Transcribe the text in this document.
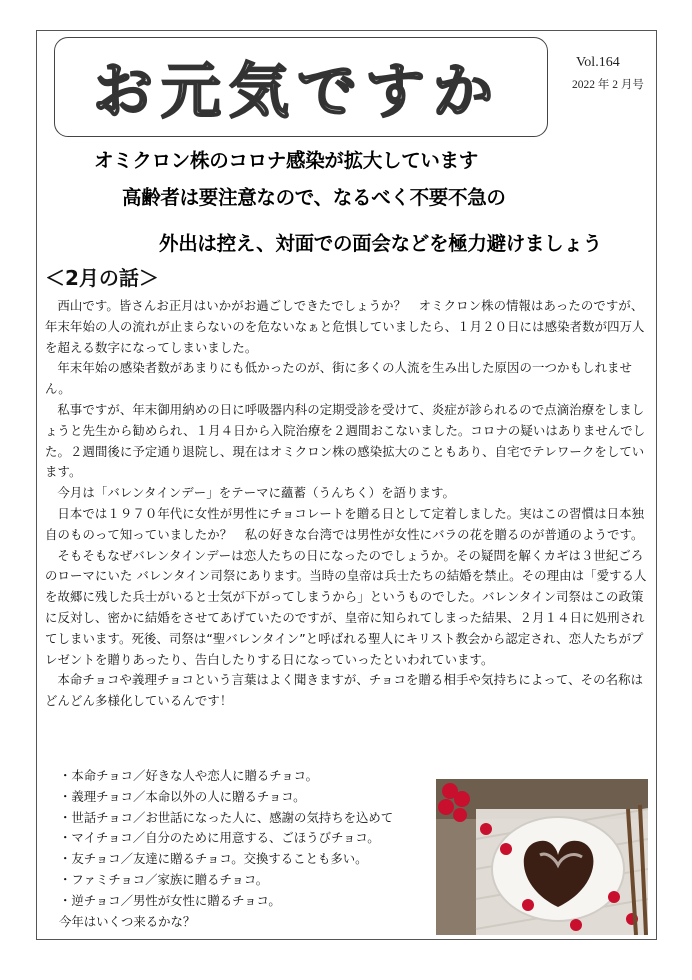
お元気ですか	Vol.164
2022 年 2 月号
オミクロン株のコロナ感染が拡大しています
高齢者は要注意なので、なるべく不要不急の
外出は控え、対面での面会などを極力避けましょう
＜2月の話＞

西山です。皆さんお正月はいかがお過ごしできたでしょうか？　オミクロン株の情報はあったのですが、年末年始の人の流れが止まらないのを危ないなぁと危惧していましたら、１月２０日には感染者数が四万人を超える数字になってしまいました。

年末年始の感染者数があまりにも低かったのが、街に多くの人流を生み出した原因の一つかもしれません。

私事ですが、年末御用納めの日に呼吸器内科の定期受診を受けて、炎症が診られるので点滴治療をしましょうと先生から勧められ、１月４日から入院治療を２週間おこないました。コロナの疑いはありませんでした。２週間後に予定通り退院し、現在はオミクロン株の感染拡大のこともあり、自宅でテレワークをしています。

今月は「バレンタインデー」をテーマに蘊蓄（うんちく）を語ります。

日本では１９７０年代に女性が男性にチョコレートを贈る日として定着しました。実はこの習慣は日本独自のものって知っていましたか？　私の好きな台湾では男性が女性にバラの花を贈るのが普通のようです。

そもそもなぜバレンタインデーは恋人たちの日になったのでしょうか。その疑問を解くカギは３世紀ごろのローマにいた バレンタイン司祭にあります。当時の皇帝は兵士たちの結婚を禁止。その理由は「愛する人を故郷に残した兵士がいると士気が下がってしまうから」というものでした。バレンタイン司祭はこの政策に反対し、密かに結婚をさせてあげていたのですが、皇帝に知られてしまった結果、２月１４日に処刑されてしまいます。死後、司祭は“聖バレンタイン”と呼ばれる聖人にキリスト教会から認定され、恋人たちがプレゼントを贈りあったり、告白したりする日になっていったといわれています。

本命チョコや義理チョコという言葉はよく聞きますが、チョコを贈る相手や気持ちによって、その名称はどんどん多様化しているんです！

・本命チョコ／好きな人や恋人に贈るチョコ。
・義理チョコ／本命以外の人に贈るチョコ。
・世話チョコ／お世話になった人に、感謝の気持ちを込めて
・マイチョコ／自分のために用意する、ごほうびチョコ。
・友チョコ／友達に贈るチョコ。交換することも多い。
・ファミチョコ／家族に贈るチョコ。
・逆チョコ／男性が女性に贈るチョコ。
今年はいくつ来るかな？
